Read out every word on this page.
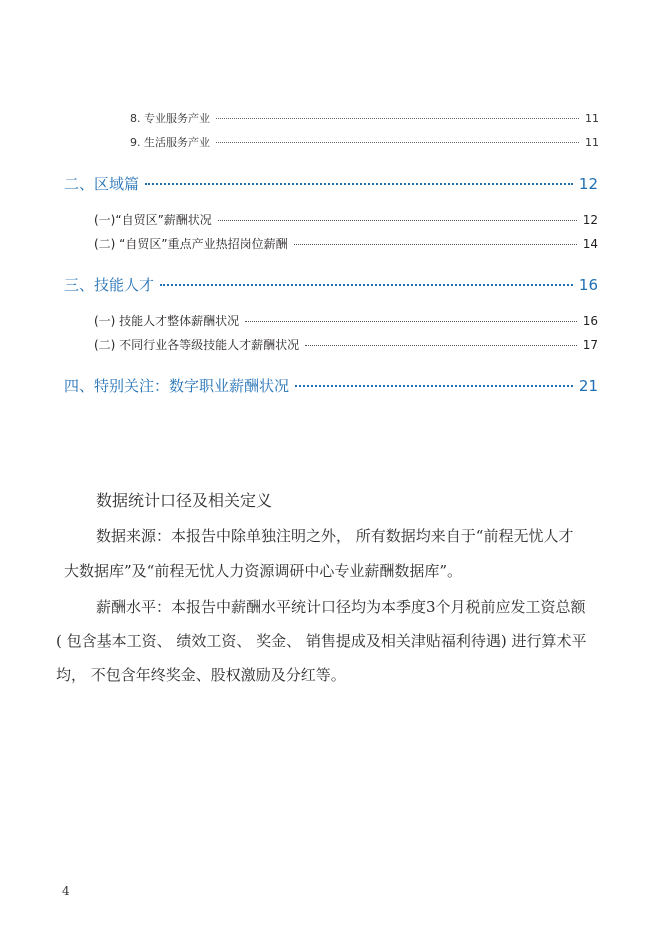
8. 专业服务产业	11
9. 生活服务产业	11
二、区域篇	12
(一)“自贸区”薪酬状况	12
(二) “自贸区”重点产业热招岗位薪酬	14
三、技能人才	16
(一) 技能人才整体薪酬状况	16
(二) 不同行业各等级技能人才薪酬状况	17
四、特别关注：数字职业薪酬状况	21
数据统计口径及相关定义
数据来源：本报告中除单独注明之外， 所有数据均来自于“前程无忧人才
大数据库”及“前程无忧人力资源调研中心专业薪酬数据库”。
薪酬水平：本报告中薪酬水平统计口径均为本季度3个月税前应发工资总额
( 包含基本工资、 绩效工资、 奖金、 销售提成及相关津贴福利待遇) 进行算术平
均， 不包含年终奖金、股权激励及分红等。
4
